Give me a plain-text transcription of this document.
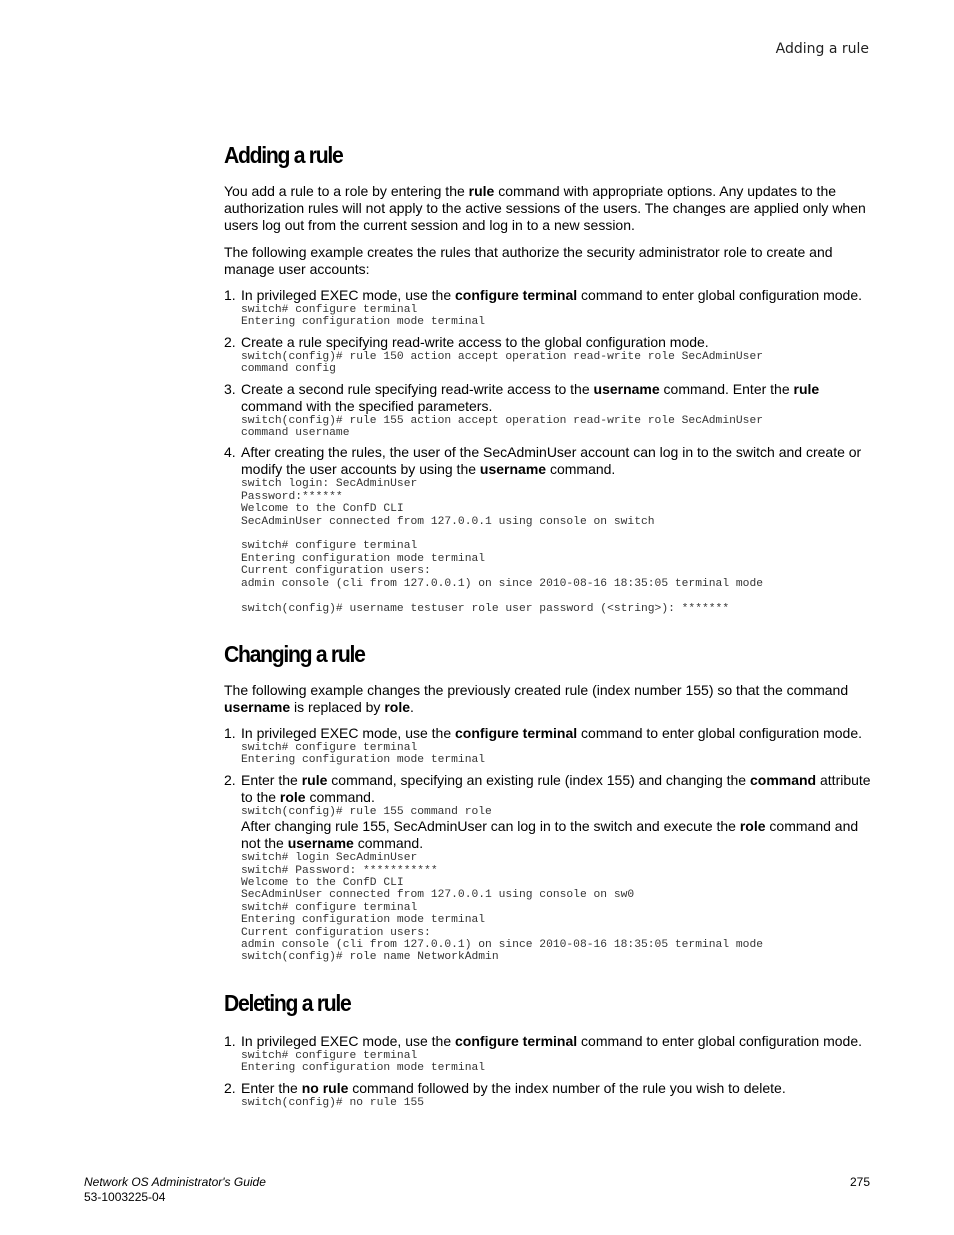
Adding a rule
Adding a rule

You add a rule to a role by entering the rule command with appropriate options. Any updates to the authorization rules will not apply to the active sessions of the users. The changes are applied only when users log out from the current session and log in to a new session.

The following example creates the rules that authorize the security administrator role to create and manage user accounts:

1. In privileged EXEC mode, use the configure terminal command to enter global configuration mode.
switch# configure terminal
Entering configuration mode terminal
2. Create a rule specifying read-write access to the global configuration mode.
switch(config)# rule 150 action accept operation read-write role SecAdminUser
command config
3. Create a second rule specifying read-write access to the username command. Enter the rule command with the specified parameters.
switch(config)# rule 155 action accept operation read-write role SecAdminUser
command username
4. After creating the rules, the user of the SecAdminUser account can log in to the switch and create or modify the user accounts by using the username command.
switch login: SecAdminUser
Password:******
Welcome to the ConfD CLI
SecAdminUser connected from 127.0.0.1 using console on switch

switch# configure terminal
Entering configuration mode terminal
Current configuration users:
admin console (cli from 127.0.0.1) on since 2010-08-16 18:35:05 terminal mode

switch(config)# username testuser role user password (<string>): *******
Changing a rule

The following example changes the previously created rule (index number 155) so that the command username is replaced by role.

1. In privileged EXEC mode, use the configure terminal command to enter global configuration mode.
switch# configure terminal
Entering configuration mode terminal
2. Enter the rule command, specifying an existing rule (index 155) and changing the command attribute to the role command.
switch(config)# rule 155 command role
After changing rule 155, SecAdminUser can log in to the switch and execute the role command and not the username command.
switch# login SecAdminUser
switch# Password: ***********
Welcome to the ConfD CLI
SecAdminUser connected from 127.0.0.1 using console on sw0
switch# configure terminal
Entering configuration mode terminal
Current configuration users:
admin console (cli from 127.0.0.1) on since 2010-08-16 18:35:05 terminal mode
switch(config)# role name NetworkAdmin
Deleting a rule
1. In privileged EXEC mode, use the configure terminal command to enter global configuration mode.
switch# configure terminal
Entering configuration mode terminal
2. Enter the no rule command followed by the index number of the rule you wish to delete.
switch(config)# no rule 155
Network OS Administrator's Guide
53-1003225-04
275
